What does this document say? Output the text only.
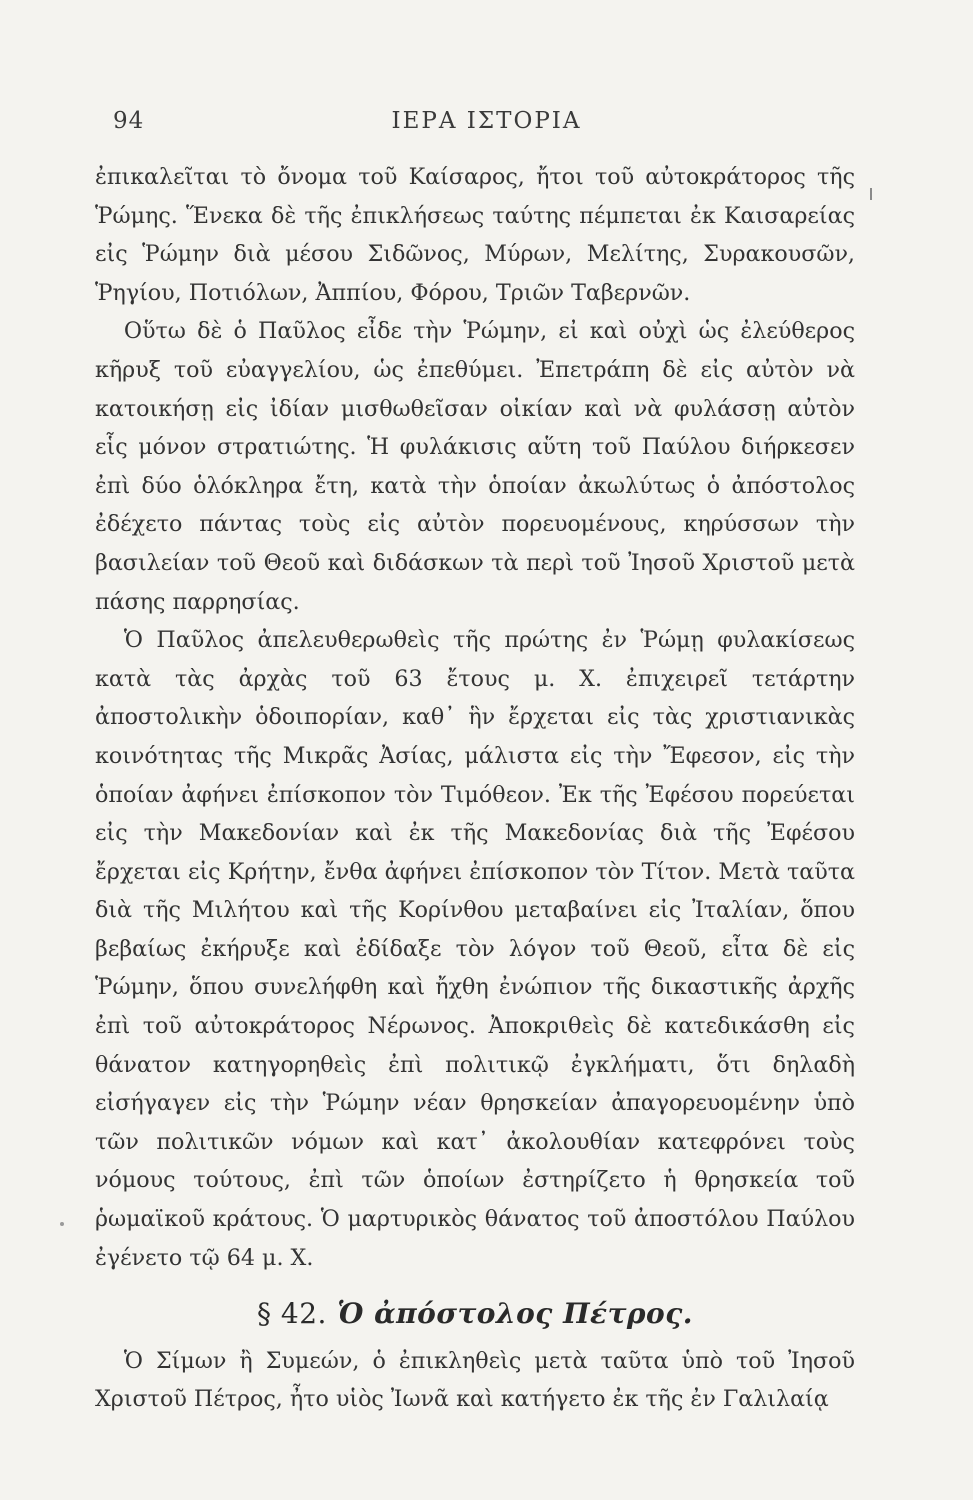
94	ΙΕΡΑ ΙΣΤΟΡΙΑ

ἐπικαλεῖται τὸ ὄνομα τοῦ Καίσαρος, ἤτοι τοῦ αὐτοκράτορος τῆς Ῥώμης. Ἕνεκα δὲ τῆς ἐπικλήσεως ταύτης πέμπεται ἐκ Καισαρείας εἰς Ῥώμην διὰ μέσου Σιδῶνος, Μύρων, Μελίτης, Συρακουσῶν, Ῥηγίου, Ποτιόλων, Ἀππίου, Φόρου, Τριῶν Ταβερνῶν.

Οὕτω δὲ ὁ Παῦλος εἶδε τὴν Ῥώμην, εἰ καὶ οὐχὶ ὡς ἐλεύθερος κῆρυξ τοῦ εὐαγγελίου, ὡς ἐπεθύμει. Ἐπετράπη δὲ εἰς αὐτὸν νὰ κατοικήσῃ εἰς ἰδίαν μισθωθεῖσαν οἰκίαν καὶ νὰ φυλάσσῃ αὐτὸν εἷς μόνον στρατιώτης. Ἡ φυλάκισις αὕτη τοῦ Παύλου διήρκεσεν ἐπὶ δύο ὁλόκληρα ἔτη, κατὰ τὴν ὁποίαν ἀκωλύτως ὁ ἀπόστολος ἐδέχετο πάντας τοὺς εἰς αὐτὸν πορευομένους, κηρύσσων τὴν βασιλείαν τοῦ Θεοῦ καὶ διδάσκων τὰ περὶ τοῦ Ἰησοῦ Χριστοῦ μετὰ πάσης παρρησίας.

Ὁ Παῦλος ἀπελευθερωθεὶς τῆς πρώτης ἐν Ῥώμῃ φυλακίσεως κατὰ τὰς ἀρχὰς τοῦ 63 ἔτους μ. Χ. ἐπιχειρεῖ τετάρτην ἀποστολικὴν ὁδοιπορίαν, καθ᾽ ἣν ἔρχεται εἰς τὰς χριστιανικὰς κοινότητας τῆς Μικρᾶς Ἀσίας, μάλιστα εἰς τὴν Ἔφεσον, εἰς τὴν ὁποίαν ἀφήνει ἐπίσκοπον τὸν Τιμόθεον. Ἐκ τῆς Ἐφέσου πορεύεται εἰς τὴν Μακεδονίαν καὶ ἐκ τῆς Μακεδονίας διὰ τῆς Ἐφέσου ἔρχεται εἰς Κρήτην, ἔνθα ἀφήνει ἐπίσκοπον τὸν Τίτον. Μετὰ ταῦτα διὰ τῆς Μιλήτου καὶ τῆς Κορίνθου μεταβαίνει εἰς Ἰταλίαν, ὅπου βεβαίως ἐκήρυξε καὶ ἐδίδαξε τὸν λόγον τοῦ Θεοῦ, εἶτα δὲ εἰς Ῥώμην, ὅπου συνελήφθη καὶ ἤχθη ἐνώπιον τῆς δικαστικῆς ἀρχῆς ἐπὶ τοῦ αὐτοκράτορος Νέρωνος. Ἀποκριθεὶς δὲ κατεδικάσθη εἰς θάνατον κατηγορηθεὶς ἐπὶ πολιτικῷ ἐγκλήματι, ὅτι δηλαδὴ εἰσήγαγεν εἰς τὴν Ῥώμην νέαν θρησκείαν ἀπαγορευομένην ὑπὸ τῶν πολιτικῶν νόμων καὶ κατ᾽ ἀκολουθίαν κατεφρόνει τοὺς νόμους τούτους, ἐπὶ τῶν ὁποίων ἐστηρίζετο ἡ θρησκεία τοῦ ῥωμαϊκοῦ κράτους. Ὁ μαρτυρικὸς θάνατος τοῦ ἀποστόλου Παύλου ἐγένετο τῷ 64 μ. Χ.

§ 42. Ὁ ἀπόστολος Πέτρος.

Ὁ Σίμων ἢ Συμεών, ὁ ἐπικληθεὶς μετὰ ταῦτα ὑπὸ τοῦ Ἰησοῦ Χριστοῦ Πέτρος, ἦτο υἱὸς Ἰωνᾶ καὶ κατήγετο ἐκ τῆς ἐν Γαλιλαίᾳ
